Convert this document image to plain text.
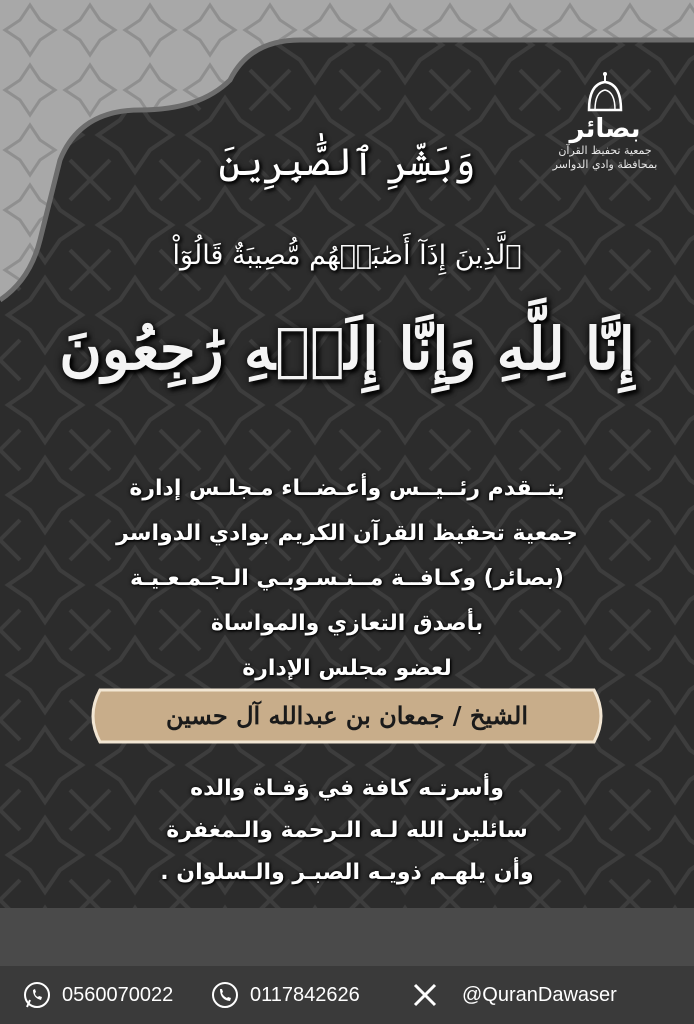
بصائر
جمعية تحفيظ القرآن
بمحافظة وادي الدواسر
وَبَشِّرِ ٱلصَّٰبِرِينَ
ٱلَّذِينَ إِذَآ أَصَٰبَتۡهُم مُّصِيبَةٌ قَالُوٓاْ
إِنَّا لِلَّهِ وَإِنَّا إِلَيۡهِ رَٰجِعُونَ
يتــقدم رئــيــس وأعـضــاء مـجلـس إدارة
جمعية تحفيظ القرآن الكريم بوادي الدواسر
(بصائر) وكـافــة مــنـسـوبـي الـجـمـعـيـة
بأصدق التعازي والمواساة
لعضو مجلس الإدارة
الشيخ / جمعان بن عبدالله آل حسين
وأسرتـه كافة في وَفـاة والده
سائلين الله لـه الـرحمة والـمغفرة
وأن يلهـم ذويـه الصبـر والـسلوان .
0560070022	0117842626	@QuranDawaser
